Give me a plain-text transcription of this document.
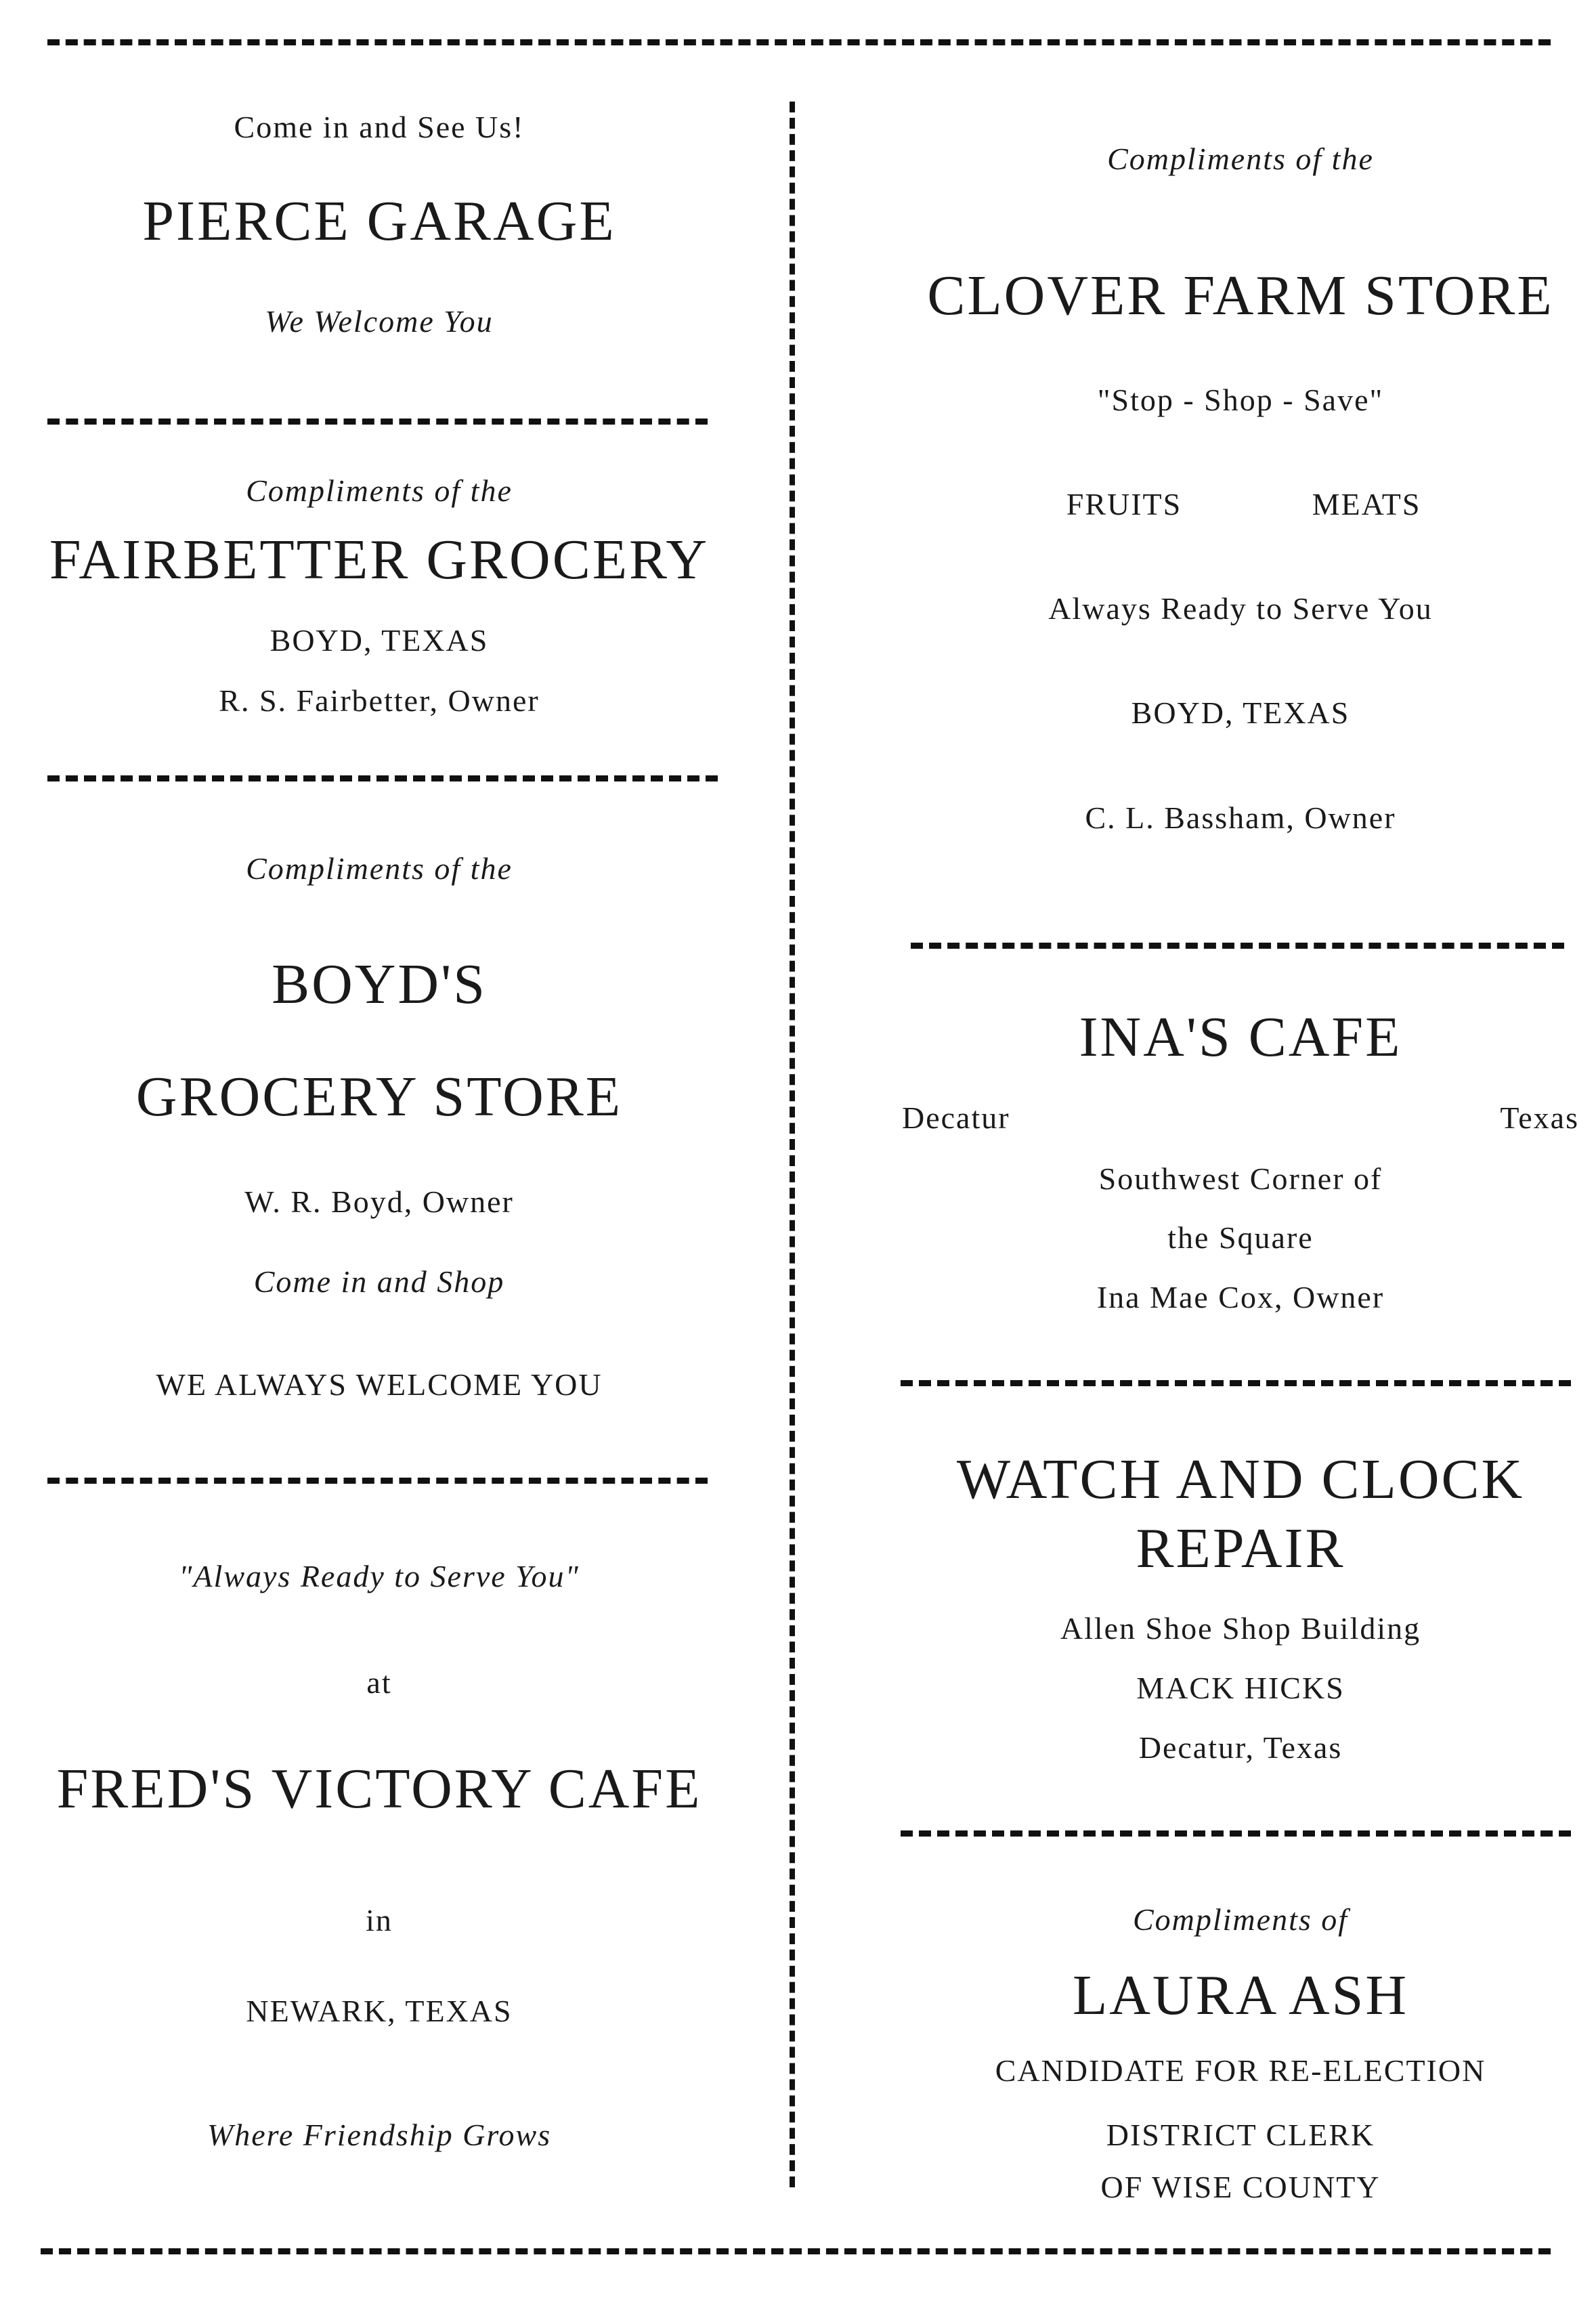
Come in and See Us!
PIERCE GARAGE
We Welcome You
Compliments of the
FAIRBETTER GROCERY
BOYD, TEXAS
R. S. Fairbetter, Owner
Compliments of the
BOYD'S
GROCERY STORE
W. R. Boyd, Owner
Come in and Shop
WE ALWAYS WELCOME YOU
"Always Ready to Serve You"
at
FRED'S VICTORY CAFE
in
NEWARK, TEXAS
Where Friendship Grows
Compliments of the
CLOVER FARM STORE
"Stop - Shop - Save"
FRUITS	MEATS
Always Ready to Serve You
BOYD, TEXAS
C. L. Bassham, Owner
INA'S CAFE
Decatur	Texas
Southwest Corner of
the Square
Ina Mae Cox, Owner
WATCH AND CLOCK
REPAIR
Allen Shoe Shop Building
MACK HICKS
Decatur, Texas
Compliments of
LAURA ASH
CANDIDATE FOR RE-ELECTION
DISTRICT CLERK
OF WISE COUNTY
